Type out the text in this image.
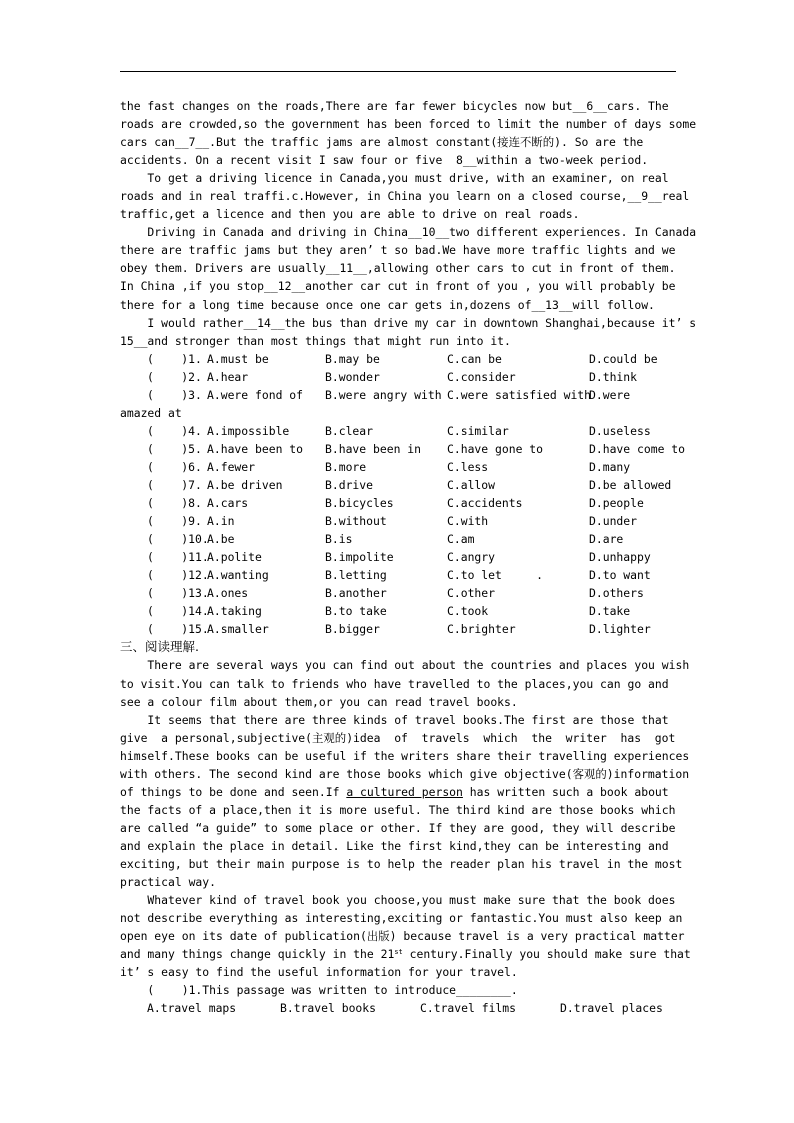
the fast changes on the roads,There are far fewer bicycles now but__6__cars. The
roads are crowded,so the government has been forced to limit the number of days some
cars can__7__.But the traffic jams are almost constant(接连不断的). So are the
accidents. On a recent visit I saw four or five  8__within a two-week period.
To get a driving licence in Canada,you must drive, with an examiner, on real
roads and in real traffi.c.However, in China you learn on a closed course,__9__real
traffic,get a licence and then you are able to drive on real roads.
Driving in Canada and driving in China__10__two different experiences. In Canada
there are traffic jams but they aren’ t so bad.We have more traffic lights and we
obey them. Drivers are usually__11__,allowing other cars to cut in front of them.
In China ,if you stop__12__another car cut in front of you , you will probably be
there for a long time because once one car gets in,dozens of__13__will follow.
I would rather__14__the bus than drive my car in downtown Shanghai,because it’ s
15__and stronger than most things that might run into it.
(    )1. A.must be	B.may be	C.can be	D.could be
(    )2. A.hear	B.wonder	C.consider	D.think
(    )3. A.were fond of	B.were angry with C.were satisfied with
D.were
amazed at
(    )4. A.impossible	B.clear	C.similar	D.useless
(    )5. A.have been to	B.have been in	C.have gone to	D.have come to
(    )6. A.fewer	B.more	C.less	D.many
(    )7. A.be driven	B.drive	C.allow	D.be allowed
(    )8. A.cars	B.bicycles	C.accidents	D.people
(    )9. A.in	B.without	C.with	D.under
(    )10.
A.be	B.is	C.am	D.are
(    )11.
A.polite	B.impolite	C.angry	D.unhappy
(    )12.
A.wanting	B.letting	C.to let     .	D.to want
(    )13.
A.ones	B.another	C.other	D.others
(    )14.
A.taking	B.to take	C.took	D.take
(    )15.
A.smaller	B.bigger	C.brighter	D.lighter
三、阅读理解.
There are several ways you can find out about the countries and places you wish
to visit.You can talk to friends who have travelled to the places,you can go and
see a colour film about them,or you can read travel books.
It seems that there are three kinds of travel books.The first are those that
give  a personal,subjective(主观的)idea  of  travels  which  the  writer  has  got
himself.These books can be useful if the writers share their travelling experiences
with others. The second kind are those books which give objective(客观的)information
of things to be done and seen.If a cultured person has written such a book about
the facts of a place,then it is more useful. The third kind are those books which
are called “a guide” to some place or other. If they are good, they will describe
and explain the place in detail. Like the first kind,they can be interesting and
exciting, but their main purpose is to help the reader plan his travel in the most
practical way.
Whatever kind of travel book you choose,you must make sure that the book does
not describe everything as interesting,exciting or fantastic.You must also keep an
open eye on its date of publication(出版) because travel is a very practical matter
and many things change quickly in the 21st century.Finally you should make sure that
it’ s easy to find the useful information for your travel.
(    )1.This passage was written to introduce________.
A.travel maps	B.travel books	C.travel films	D.travel places
